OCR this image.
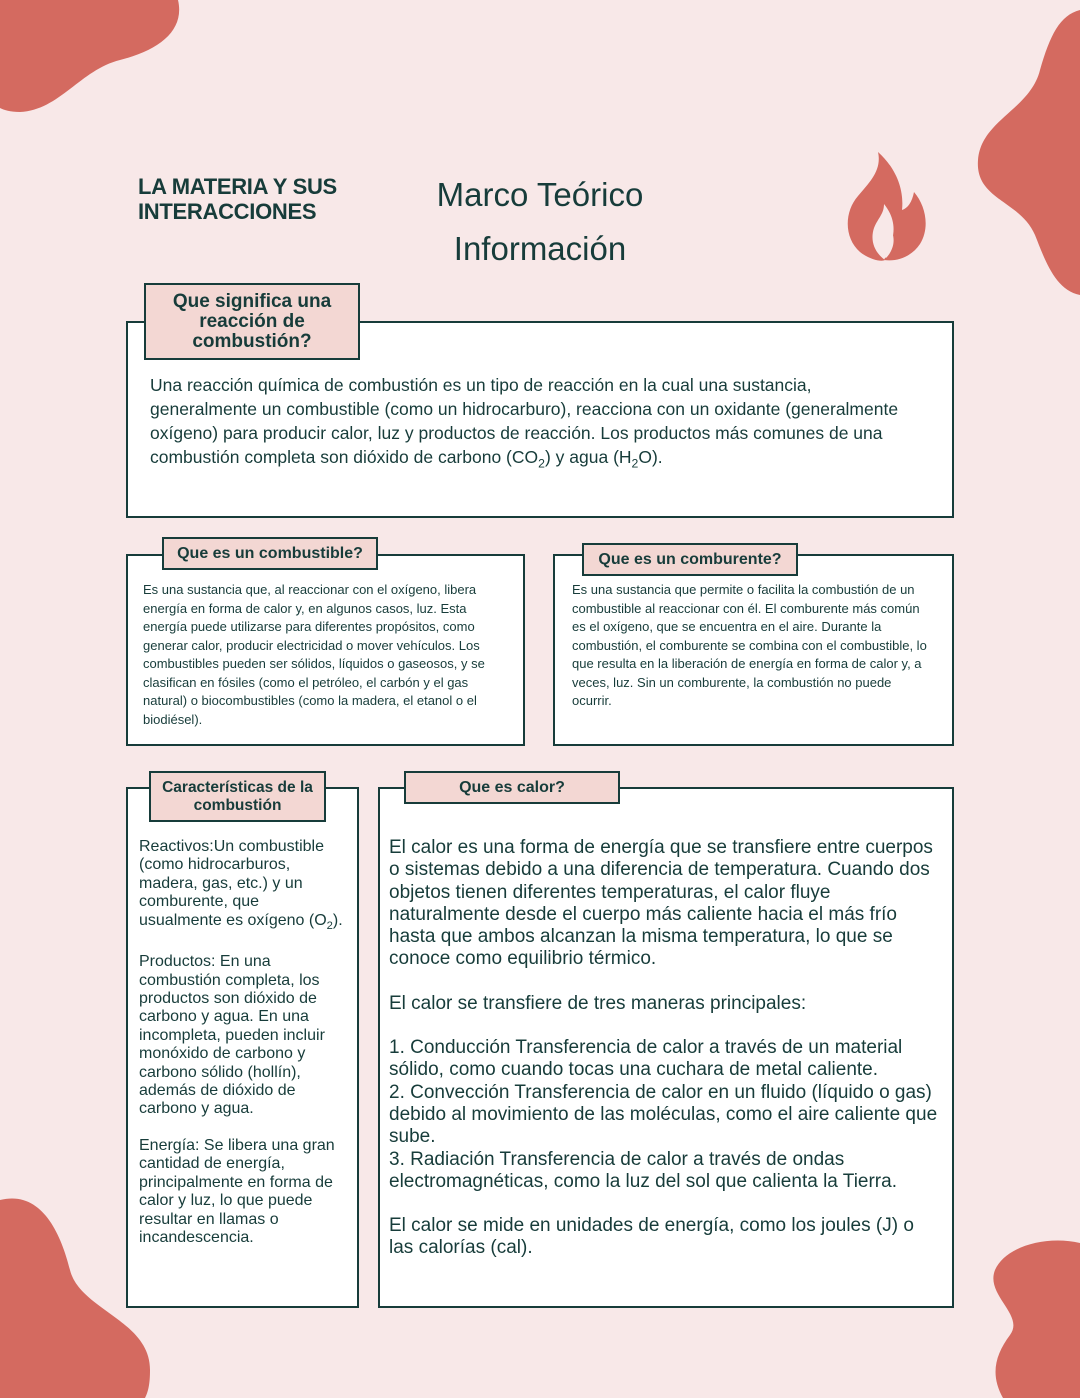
LA MATERIA Y SUS
INTERACCIONES	Marco Teórico
Información
Que significa una reacción de combustión?
Una reacción química de combustión es un tipo de reacción en la cual una sustancia, generalmente un combustible (como un hidrocarburo), reacciona con un oxidante (generalmente oxígeno) para producir calor, luz y productos de reacción. Los productos más comunes de una combustión completa son dióxido de carbono $(CO_2)$ y agua $(H_2O)$.
Que es un combustible?

Es una sustancia que, al reaccionar con el oxígeno, libera energía en forma de calor y, en algunos casos, luz. Esta energía puede utilizarse para diferentes propósitos, como generar calor, producir electricidad o mover vehículos. Los combustibles pueden ser sólidos, líquidos o gaseosos, y se clasifican en fósiles (como el petróleo, el carbón y el gas natural) o biocombustibles (como la madera, el etanol o el biodiésel).

Que es un comburente?

Es una sustancia que permite o facilita la combustión de un combustible al reaccionar con él. El comburente más común es el oxígeno, que se encuentra en el aire. Durante la combustión, el comburente se combina con el combustible, lo que resulta en la liberación de energía en forma de calor y, a veces, luz. Sin un comburente, la combustión no puede ocurrir.

Características de la combustión

Reactivos:Un combustible (como hidrocarburos, madera, gas, etc.) y un comburente, que usualmente es oxígeno $(O_2)$.

Productos: En una combustión completa, los productos son dióxido de carbono y agua. En una incompleta, pueden incluir monóxido de carbono y carbono sólido (hollín), además de dióxido de carbono y agua.

Energía: Se libera una gran cantidad de energía, principalmente en forma de calor y luz, lo que puede resultar en llamas o incandescencia.

Que es calor?

El calor es una forma de energía que se transfiere entre cuerpos o sistemas debido a una diferencia de temperatura. Cuando dos objetos tienen diferentes temperaturas, el calor fluye naturalmente desde el cuerpo más caliente hacia el más frío hasta que ambos alcanzan la misma temperatura, lo que se conoce como equilibrio térmico.

El calor se transfiere de tres maneras principales:

1. Conducción Transferencia de calor a través de un material sólido, como cuando tocas una cuchara de metal caliente.

2. Convección Transferencia de calor en un fluido (líquido o gas) debido al movimiento de las moléculas, como el aire caliente que sube.

3. Radiación Transferencia de calor a través de ondas electromagnéticas, como la luz del sol que calienta la Tierra.

El calor se mide en unidades de energía, como los joules (J) o las calorías (cal).
